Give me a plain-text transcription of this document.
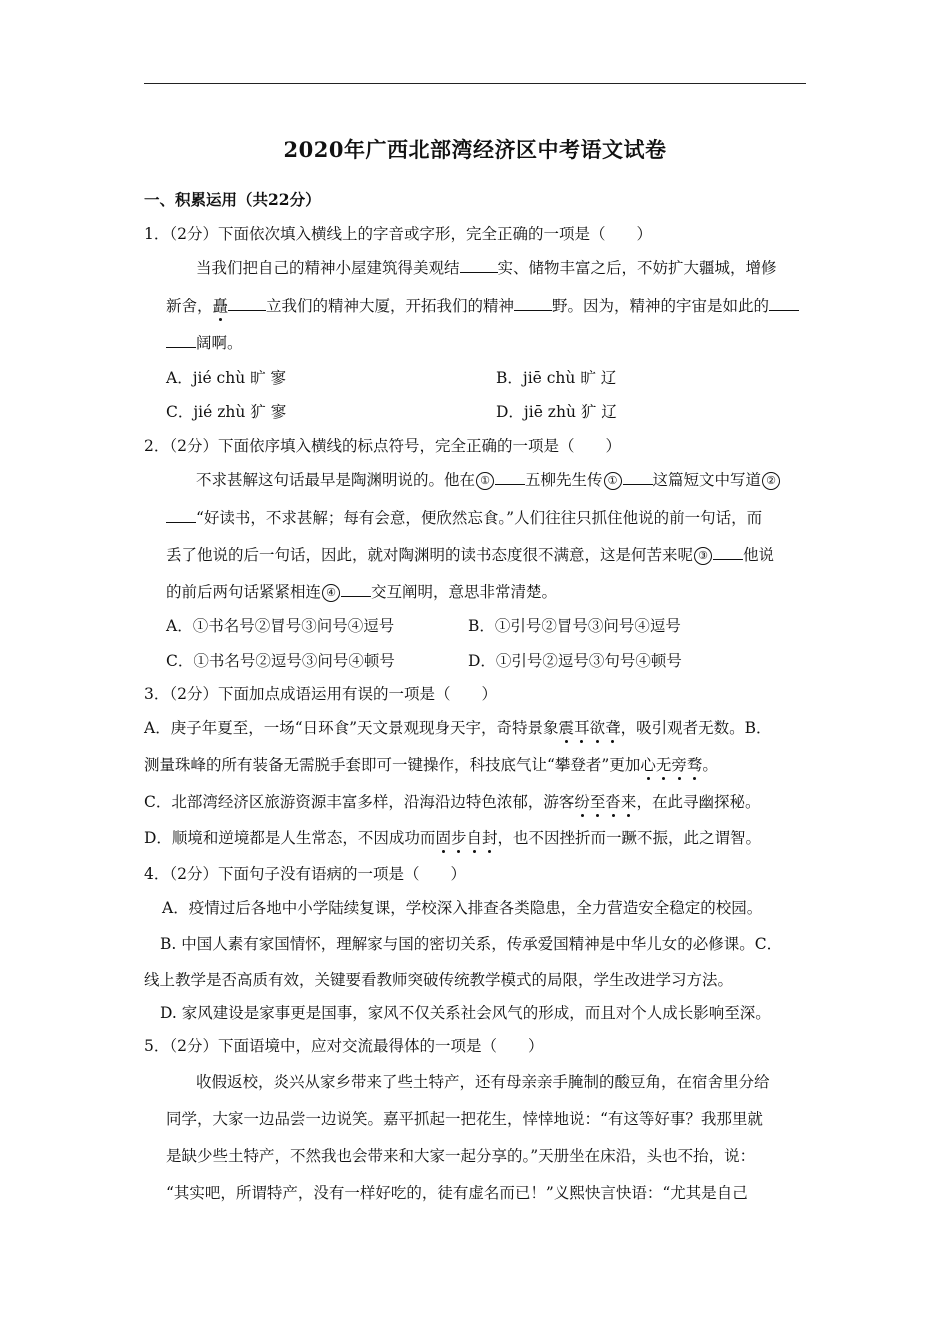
2020年广西北部湾经济区中考语文试卷
一、积累运用（共22分）
1．（2分）下面依次填入横线上的字音或字形，完全正确的一项是（　　）
当我们把自己的精神小屋建筑得美观结 实、储物丰富之后，不妨扩大疆城，增修
新舍，矗 立我们的精神大厦，开拓我们的精神 野。因为，精神的宇宙是如此的
阔啊。
A．jié chù 旷 寥	B．jiē chù 旷 辽
C．jié zhù 犷 寥	D．jiē zhù 犷 辽
2．（2分）下面依序填入横线的标点符号，完全正确的一项是（　　）
不求甚解这句话最早是陶渊明说的。他在 ① 五柳先生传 ① 这篇短文中写道 ②
“好读书，不求甚解；每有会意，便欣然忘食。”人们往往只抓住他说的前一句话，而
丢了他说的后一句话，因此，就对陶渊明的读书态度很不满意，这是何苦来呢 ③ 他说
的前后两句话紧紧相连 ④ 交互阐明，意思非常清楚。
A．①书名号②冒号③问号④逗号	B．①引号②冒号③问号④逗号
C．①书名号②逗号③问号④顿号	D．①引号②逗号③句号④顿号
3．（2分）下面加点成语运用有误的一项是（　　）
A．庚子年夏至，一场“日环食”天文景观现身天宇，奇特景象震耳欲聋，吸引观者无数。B．
测量珠峰的所有装备无需脱手套即可一键操作，科技底气让“攀登者”更加心无旁骛。
C．北部湾经济区旅游资源丰富多样，沿海沿边特色浓郁，游客纷至沓来，在此寻幽探秘。
D．顺境和逆境都是人生常态，不因成功而固步自封，也不因挫折而一蹶不振，此之谓智。
4．（2分）下面句子没有语病的一项是（　　）
A．疫情过后各地中小学陆续复课，学校深入排查各类隐患，全力营造安全稳定的校园。
B. 中国人素有家国情怀，理解家与国的密切关系，传承爱国精神是中华儿女的必修课。C．
线上教学是否高质有效，关键要看教师突破传统教学模式的局限，学生改进学习方法。
D. 家风建设是家事更是国事，家风不仅关系社会风气的形成，而且对个人成长影响至深。
5．（2分）下面语境中，应对交流最得体的一项是（　　）
收假返校，炎兴从家乡带来了些土特产，还有母亲亲手腌制的酸豆角，在宿舍里分给
同学，大家一边品尝一边说笑。嘉平抓起一把花生，悻悻地说：“有这等好事？我那里就
是缺少些土特产，不然我也会带来和大家一起分享的。”天册坐在床沿，头也不抬，说：
“其实吧，所谓特产，没有一样好吃的，徒有虚名而已！”义熙快言快语：“尤其是自己
